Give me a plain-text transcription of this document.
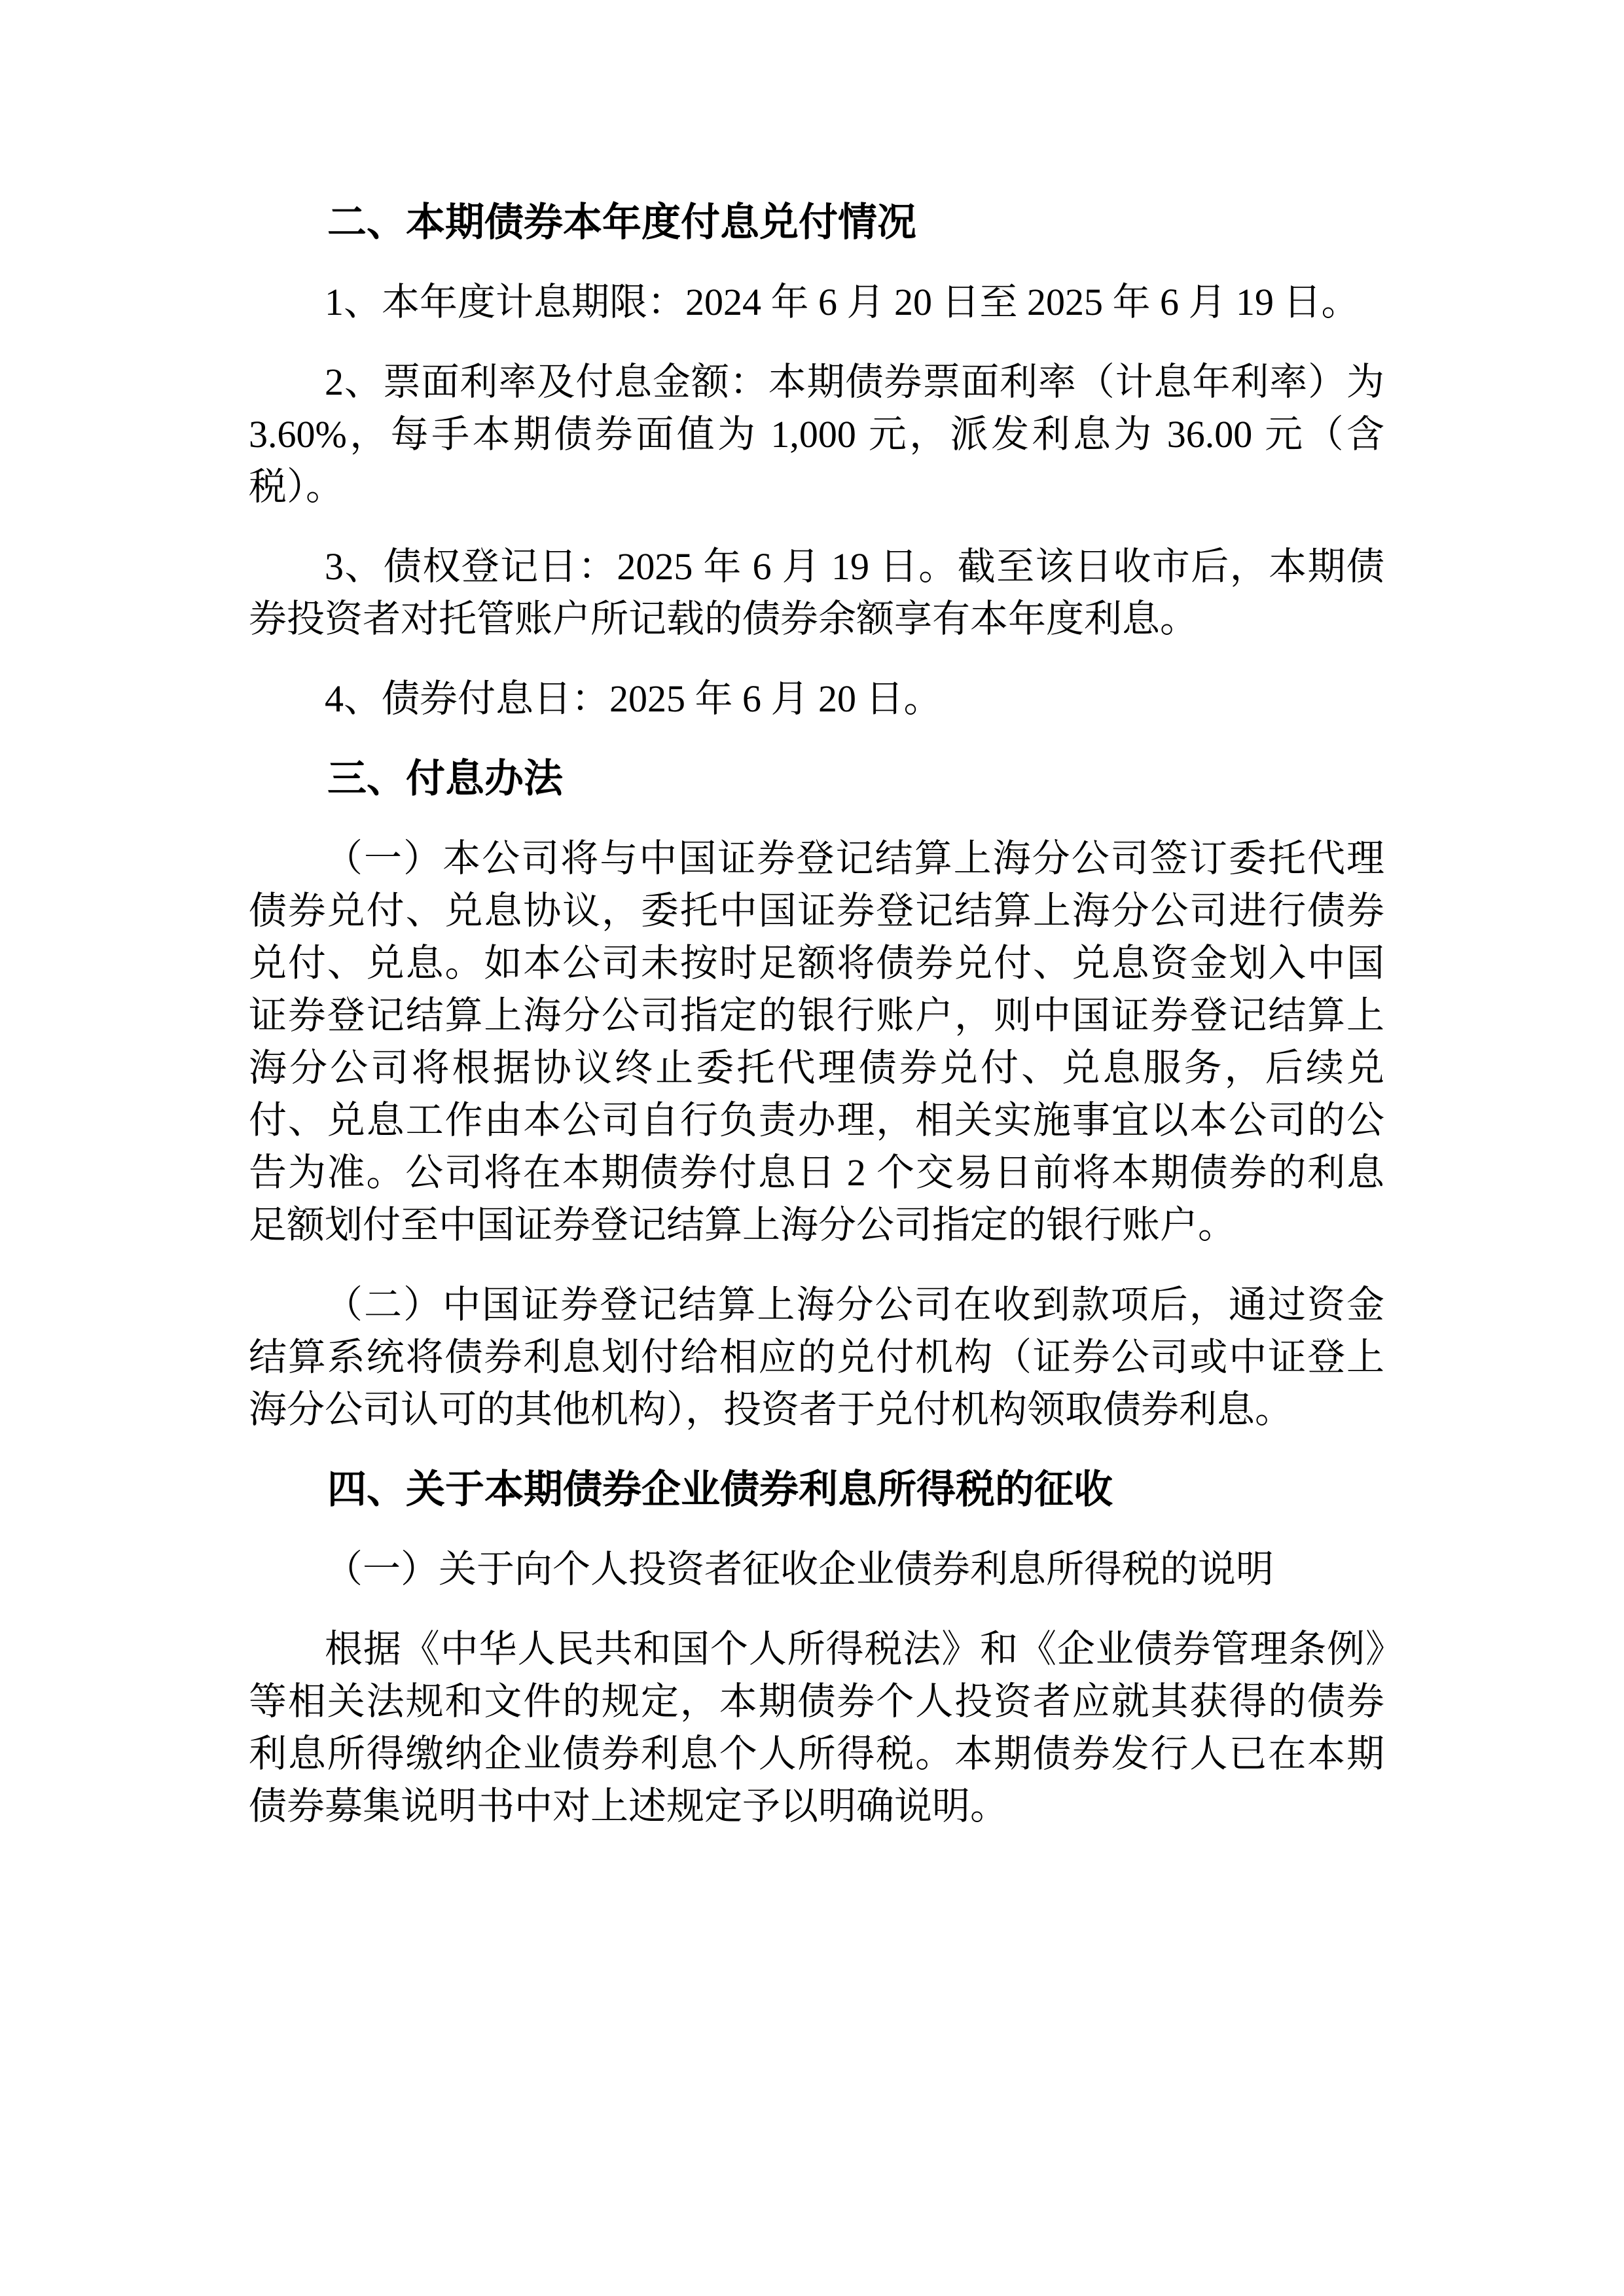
二、本期债券本年度付息兑付情况

1、本年度计息期限：2024 年 6 月 20 日至 2025 年 6 月 19 日。

2、票面利率及付息金额：本期债券票面利率（计息年利率）为 3.60%，每手本期债券面值为 1,000 元，派发利息为 36.00 元（含税）。

3、债权登记日：2025 年 6 月 19 日。截至该日收市后，本期债券投资者对托管账户所记载的债券余额享有本年度利息。

4、债券付息日：2025 年 6 月 20 日。

三、付息办法

（一）本公司将与中国证券登记结算上海分公司签订委托代理债券兑付、兑息协议，委托中国证券登记结算上海分公司进行债券兑付、兑息。如本公司未按时足额将债券兑付、兑息资金划入中国证券登记结算上海分公司指定的银行账户，则中国证券登记结算上海分公司将根据协议终止委托代理债券兑付、兑息服务，后续兑付、兑息工作由本公司自行负责办理，相关实施事宜以本公司的公告为准。公司将在本期债券付息日 2 个交易日前将本期债券的利息足额划付至中国证券登记结算上海分公司指定的银行账户。

（二）中国证券登记结算上海分公司在收到款项后，通过资金结算系统将债券利息划付给相应的兑付机构（证券公司或中证登上海分公司认可的其他机构），投资者于兑付机构领取债券利息。

四、关于本期债券企业债券利息所得税的征收

（一）关于向个人投资者征收企业债券利息所得税的说明

根据《中华人民共和国个人所得税法》和《企业债券管理条例》等相关法规和文件的规定，本期债券个人投资者应就其获得的债券利息所得缴纳企业债券利息个人所得税。本期债券发行人已在本期债券募集说明书中对上述规定予以明确说明。
